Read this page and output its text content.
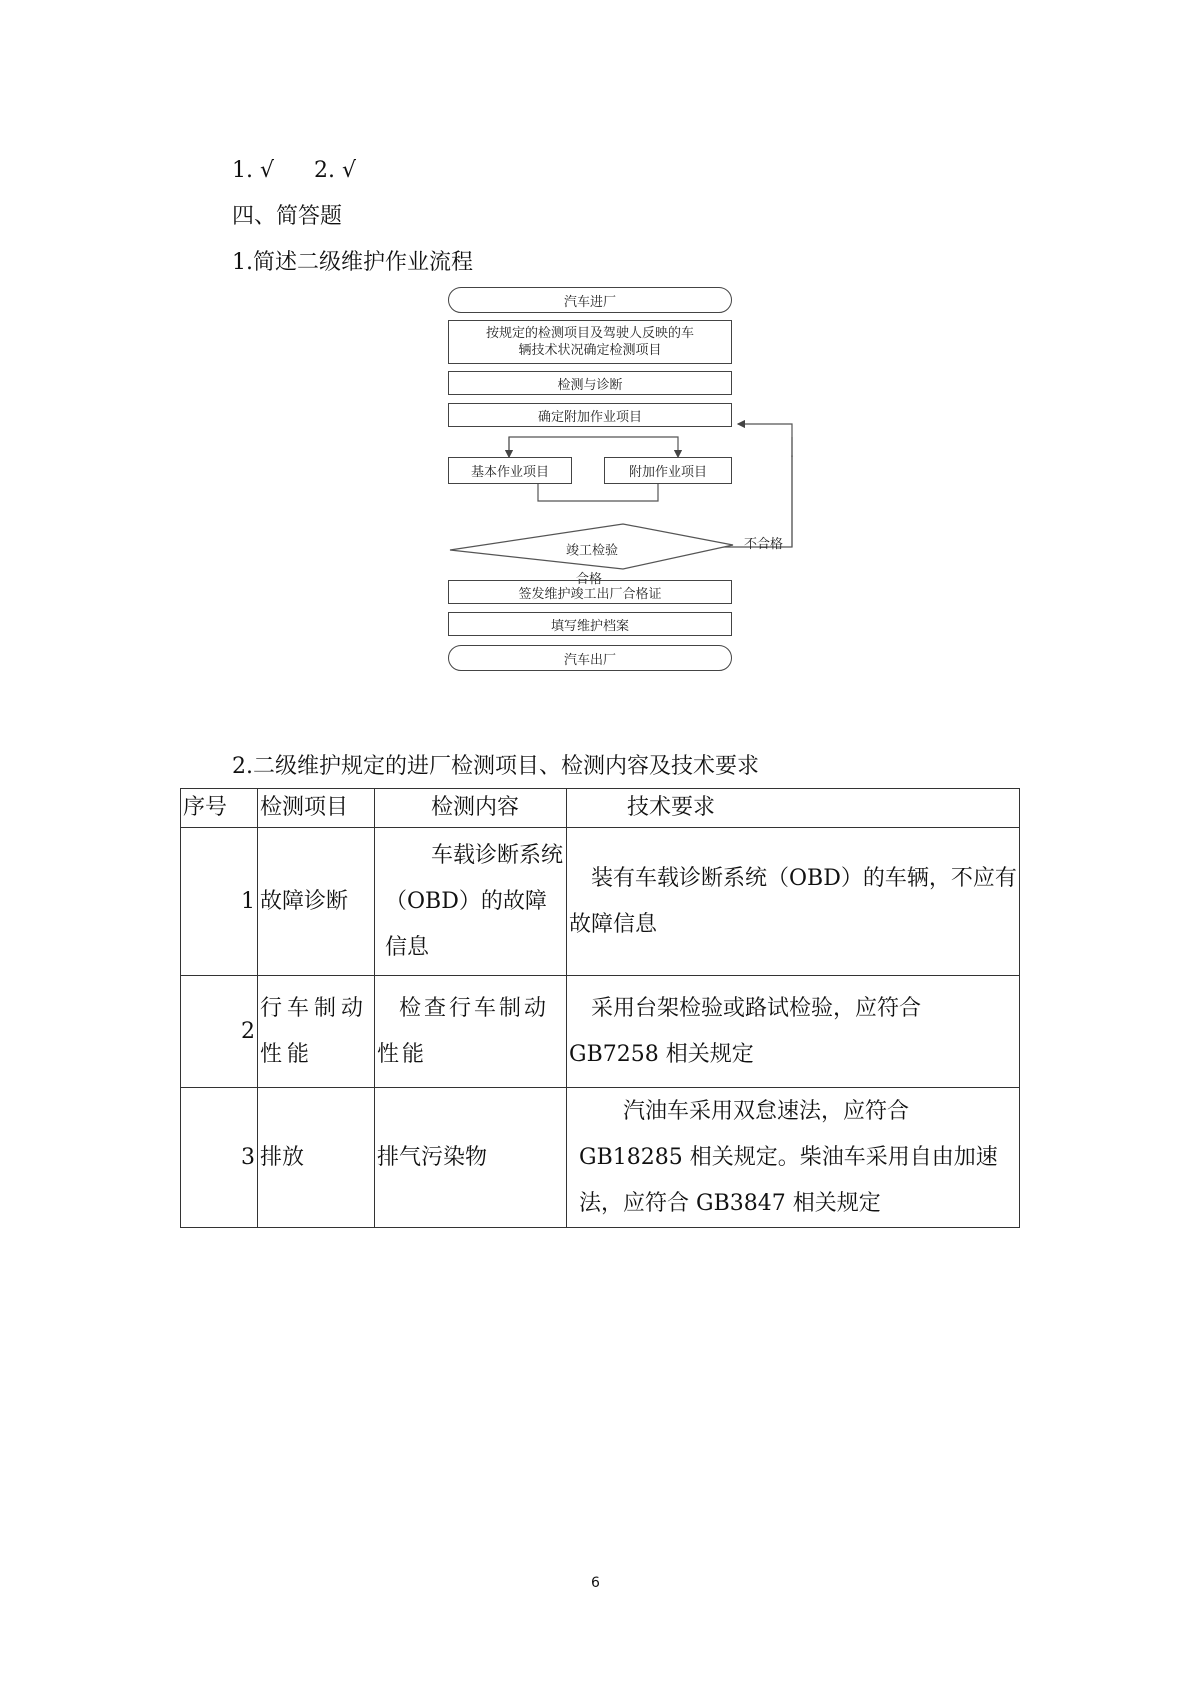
1. √ 2. √
四、简答题
1.简述二级维护作业流程
汽车进厂
按规定的检测项目及驾驶人反映的车
辆技术状况确定检测项目
检测与诊断
确定附加作业项目
基本作业项目	附加作业项目
竣工检验	不合格
合格
签发维护竣工出厂合格证
填写维护档案
汽车出厂
2.二级维护规定的进厂检测项目、检测内容及技术要求
序号	检测项目	检测内容	技术要求
1	故障诊断	车载诊断系统（OBD）的故障信息	装有车载诊断系统（OBD）的车辆，不应有故障信息
2	行车制动性能	检查行车制动性能	采用台架检验或路试检验，应符合 GB7258 相关规定
3	排放	排气污染物	汽油车采用双怠速法，应符合 GB18285 相关规定。柴油车采用自由加速法，应符合 GB3847 相关规定
6
